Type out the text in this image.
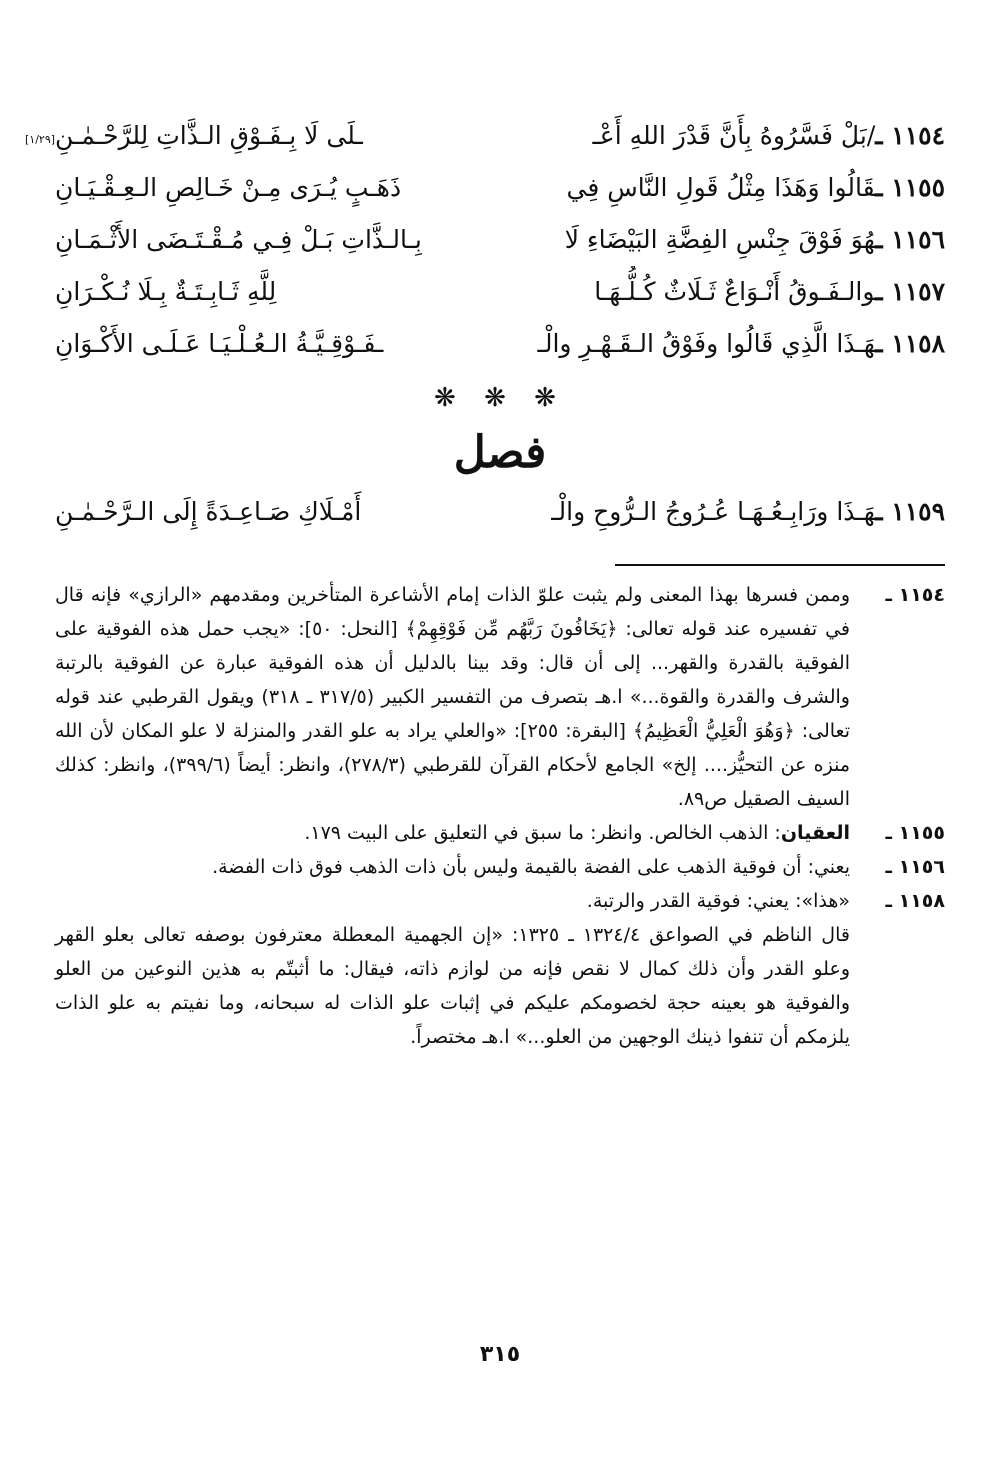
١١٥٤ ـ/بَلْ فَسَّرُوهُ بِأَنَّ قَدْرَ اللهِ أَعْـ
ـلَى لَا بِـفَـوْقِ الـذَّاتِ لِلرَّحْـمٰـنِ
[١/٢٩]
١١٥٥ ـقَالُوا وَهَذَا مِثْلُ قَولِ النَّاسِ فِي
ذَهَـبٍ يُـرَى مِـنْ خَـالِصِ الـعِـقْـيَـانِ
١١٥٦ ـهُوَ فَوْقَ جِنْسِ الفِضَّةِ البَيْضَاءِ لَا
بِـالـذَّاتِ بَـلْ فِـي مُـقْـتَـضَى الأَثْـمَـانِ
١١٥٧ ـوالـفَـوقُ أَنْـوَاعٌ ثَـلَاثٌ كُـلُّـهَـا
لِلَّهِ ثَـابِـتَـةٌ بِـلَا نُـكْـرَانِ
١١٥٨ ـهَـذَا الَّذِي قَالُوا وفَوْقُ الـقَـهْـرِ والْـ
ـفَـوْقِـيَّـةُ الـعُـلْـيَـا عَـلَـى الأَكْـوَانِ
❋ ❋ ❋
فصل
١١٥٩ ـهَـذَا ورَابِـعُـهَـا عُـرُوجُ الـرُّوحِ والْـ
أَمْـلَاكِ صَـاعِـدَةً إِلَى الـرَّحْـمٰـنِ
١١٥٤ ـ

وممن فسرها بهذا المعنى ولم يثبت علوّ الذات إمام الأشاعرة المتأخرين ومقدمهم «الرازي» فإنه قال في تفسيره عند قوله تعالى: ﴿يَخَافُونَ رَبَّهُم مِّن فَوْقِهِمْ﴾ [النحل: ٥٠]: «يجب حمل هذه الفوقية على الفوقية بالقدرة والقهر... إلى أن قال: وقد بينا بالدليل أن هذه الفوقية عبارة عن الفوقية بالرتبة والشرف والقدرة والقوة...» ا.هـ بتصرف من التفسير الكبير (٣١٧/٥ ـ ٣١٨) ويقول القرطبي عند قوله تعالى: ﴿وَهُوَ الْعَلِيُّ الْعَظِيمُ﴾ [البقرة: ٢٥٥]: «والعلي يراد به علو القدر والمنزلة لا علو المكان لأن الله منزه عن التحيُّز.... إلخ» الجامع لأحكام القرآن للقرطبي (٢٧٨/٣)، وانظر: أيضاً (٣٩٩/٦)، وانظر: كذلك السيف الصقيل ص٨٩.

١١٥٥ ـ

العقيان: الذهب الخالص. وانظر: ما سبق في التعليق على البيت ١٧٩.

١١٥٦ ـ

يعني: أن فوقية الذهب على الفضة بالقيمة وليس بأن ذات الذهب فوق ذات الفضة.

١١٥٨ ـ

«هذا»: يعني: فوقية القدر والرتبة.

قال الناظم في الصواعق ١٣٢٤/٤ ـ ١٣٢٥: «إن الجهمية المعطلة معترفون بوصفه تعالى بعلو القهر وعلو القدر وأن ذلك كمال لا نقص فإنه من لوازم ذاته، فيقال: ما أثبتّم به هذين النوعين من العلو والفوقية هو بعينه حجة لخصومكم عليكم في إثبات علو الذات له سبحانه، وما نفيتم به علو الذات يلزمكم أن تنفوا ذينك الوجهين من العلو...» ا.هـ مختصراً.

٣١٥
